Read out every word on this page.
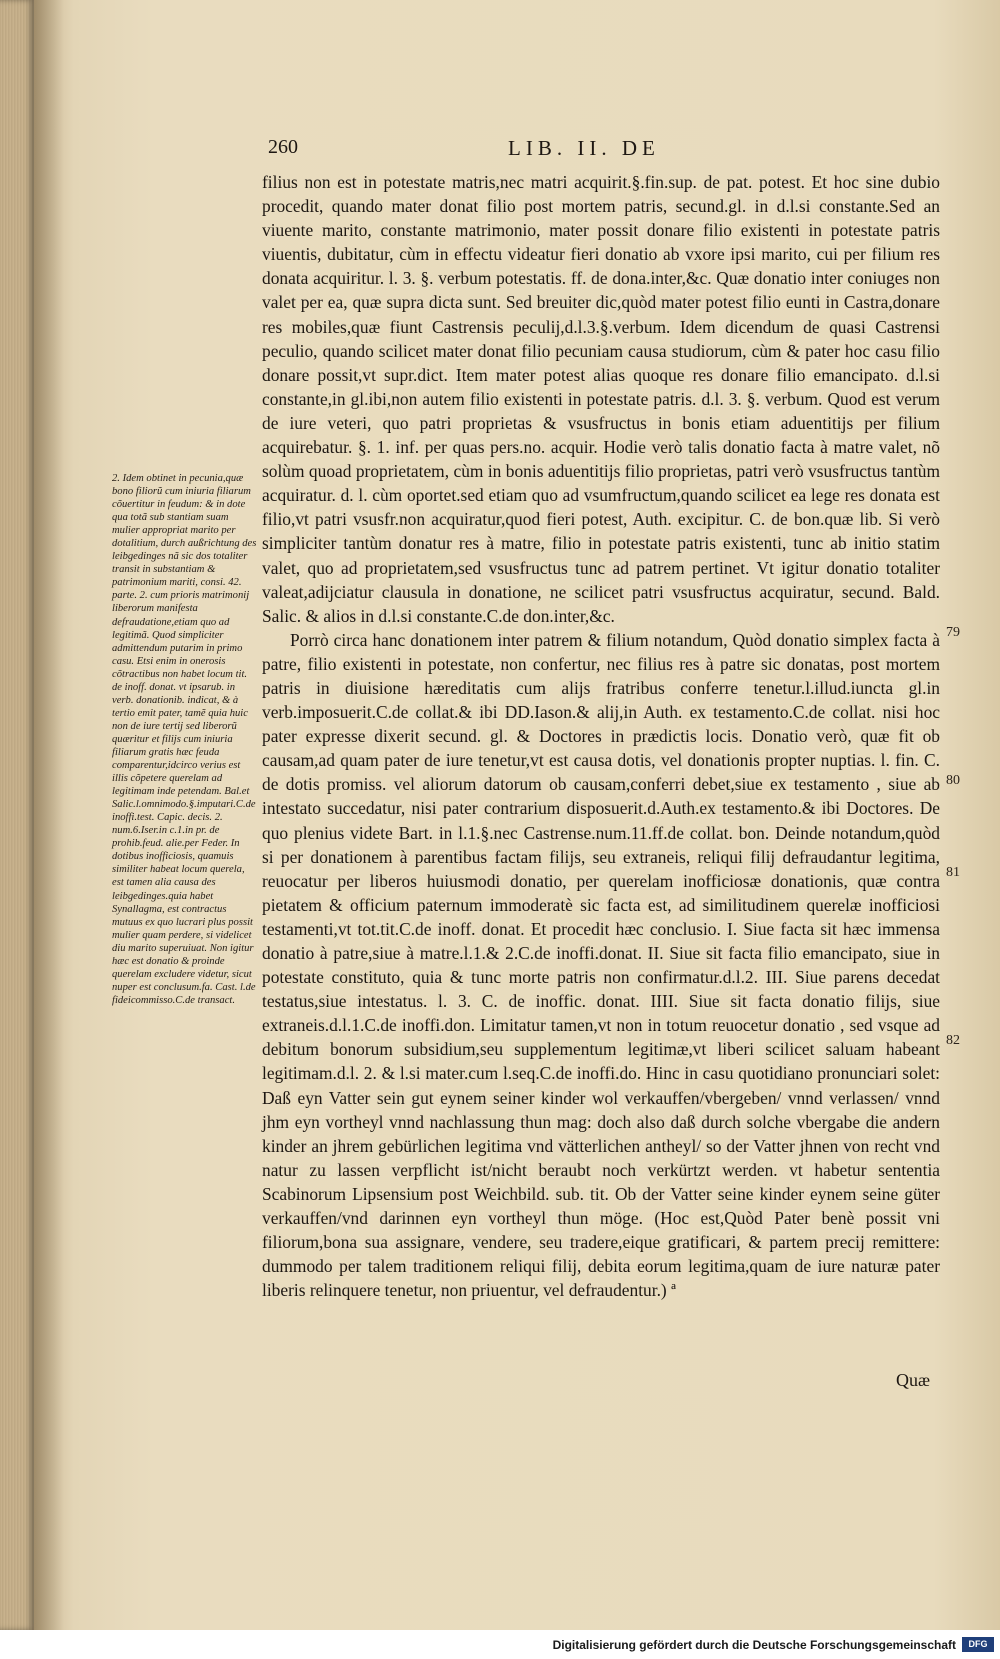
260	LIB. II. DE

filius non est in potestate matris,nec matri acquirit.§.fin.sup. de pat. potest. Et hoc sine dubio procedit, quando mater donat filio post mortem patris, secund.gl. in d.l.si constante.Sed an viuente marito, constante matrimonio, mater possit donare filio existenti in potestate patris viuentis, dubitatur, cùm in effectu videatur fieri donatio ab vxore ipsi marito, cui per filium res donata acquiritur. l. 3. §. verbum potestatis. ff. de dona.inter,&c. Quæ donatio inter coniuges non valet per ea, quæ supra dicta sunt. Sed breuiter dic,quòd mater potest filio eunti in Castra,donare res mobiles,quæ fiunt Castrensis peculij,d.l.3.§.verbum. Idem dicendum de quasi Castrensi peculio, quando scilicet mater donat filio pecuniam causa studiorum, cùm & pater hoc casu filio donare possit,vt supr.dict. Item mater potest alias quoque res donare filio emancipato. d.l.si constante,in gl.ibi,non autem filio existenti in potestate patris. d.l. 3. §. verbum. Quod est verum de iure veteri, quo patri proprietas & vsusfructus in bonis etiam aduentitijs per filium acquirebatur. §. 1. inf. per quas pers.no. acquir. Hodie verò talis donatio facta à matre valet, nõ solùm quoad proprietatem, cùm in bonis aduentitijs filio proprietas, patri verò vsusfructus tantùm acquiratur. d. l. cùm oportet.sed etiam quo ad vsumfructum,quando scilicet ea lege res donata est filio,vt patri vsusfr.non acquiratur,quod fieri potest, Auth. excipitur. C. de bon.quæ lib. Si verò simpliciter tantùm donatur res à matre, filio in potestate patris existenti, tunc ab initio statim valet, quo ad proprietatem,sed vsusfructus tunc ad patrem pertinet. Vt igitur donatio totaliter valeat,adijciatur clausula in donatione, ne scilicet patri vsusfructus acquiratur, secund. Bald. Salic. & alios in d.l.si constante.C.de don.inter,&c.

Porrò circa hanc donationem inter patrem & filium notandum, Quòd donatio simplex facta à patre, filio existenti in potestate, non confertur, nec filius res à patre sic donatas, post mortem patris in diuisione hæreditatis cum alijs fratribus conferre tenetur.l.illud.iuncta gl.in verb.imposuerit.C.de collat.& ibi DD.Iason.& alij,in Auth. ex testamento.C.de collat. nisi hoc pater expresse dixerit secund. gl. & Doctores in prædictis locis. Donatio verò, quæ fit ob causam,ad quam pater de iure tenetur,vt est causa dotis, vel donationis propter nuptias. l. fin. C. de dotis promiss. vel aliorum datorum ob causam,conferri debet,siue ex testamento , siue ab intestato succedatur, nisi pater contrarium disposuerit.d.Auth.ex testamento.& ibi Doctores. De quo plenius videte Bart. in l.1.§.nec Castrense.num.11.ff.de collat. bon. Deinde notandum,quòd si per donationem à parentibus factam filijs, seu extraneis, reliqui filij defraudantur legitima, reuocatur per liberos huiusmodi donatio, per querelam inofficiosæ donationis, quæ contra pietatem & officium paternum immoderatè sic facta est, ad similitudinem querelæ inofficiosi testamenti,vt tot.tit.C.de inoff. donat. Et procedit hæc conclusio. I. Siue facta sit hæc immensa donatio à patre,siue à matre.l.1.& 2.C.de inoffi.donat. II. Siue sit facta filio emancipato, siue in potestate constituto, quia & tunc morte patris non confirmatur.d.l.2. III. Siue parens decedat testatus,siue intestatus. l. 3. C. de inoffic. donat. IIII. Siue sit facta donatio filijs, siue extraneis.d.l.1.C.de inoffi.don. Limitatur tamen,vt non in totum reuocetur donatio , sed vsque ad debitum bonorum subsidium,seu supplementum legitimæ,vt liberi scilicet saluam habeant legitimam.d.l. 2. & l.si mater.cum l.seq.C.de inoffi.do. Hinc in casu quotidiano pronunciari solet: Daß eyn Vatter sein gut eynem seiner kinder wol verkauffen/vbergeben/ vnnd verlassen/ vnnd jhm eyn vortheyl vnnd nachlassung thun mag: doch also daß durch solche vbergabe die andern kinder an jhrem gebürlichen legitima vnd vätterlichen antheyl/ so der Vatter jhnen von recht vnd natur zu lassen verpflicht ist/nicht beraubt noch verkürtzt werden. vt habetur sententia Scabinorum Lipsensium post Weichbild. sub. tit. Ob der Vatter seine kinder eynem seine güter verkauffen/vnd darinnen eyn vortheyl thun möge. (Hoc est,Quòd Pater benè possit vni filiorum,bona sua assignare, vendere, seu tradere,eique gratificari, & partem precij remittere: dummodo per talem traditionem reliqui filij, debita eorum legitima,quam de iure naturæ pater liberis relinquere tenetur, non priuentur, vel defraudentur.) ª

2. Idem obtinet in pecunia,quæ bono filiorũ cum iniuria filiarum cõuertitur in feudum: & in dote qua totã sub stantiam suam mulier appropriat marito per dotalitium, durch außrichtung des leibgedinges nã sic dos totaliter transit in substantiam & patrimonium mariti, consi. 42. parte. 2. cum prioris matrimonij liberorum manifesta defraudatione,etiam quo ad legitimã. Quod simpliciter admittendum putarim in primo casu. Etsi enim in onerosis cõtractibus non habet locum tit. de inoff. donat. vt ipsarub. in verb. donationib. indicat, & à tertio emit pater, tamẽ quia huic non de iure tertij sed liberorũ quæritur et filijs cum iniuria filiarum gratis hæc feuda comparentur,idcirco verius est illis cõpetere querelam ad legitimam inde petendam. Bal.et Salic.l.omnimodo.§.imputari.C.de inoffi.test. Capic. decis. 2. num.6.Iser.in c.1.in pr. de prohib.feud. alie.per Feder. In dotibus inofficiosis, quamuis similiter habeat locum querela, est tamen alia causa des leibgedinges.quia habet Synallagma, est contractus mutuus ex quo lucrari plus possit mulier quam perdere, si videlicet diu marito superuiuat. Non igitur hæc est donatio & proinde querelam excludere videtur, sicut nuper est conclusum.fa. Cast. l.de fideicommisso.C.de transact.
79
80
81
82
Quæ
Digitalisierung gefördert durch die Deutsche Forschungsgemeinschaft	DFG
